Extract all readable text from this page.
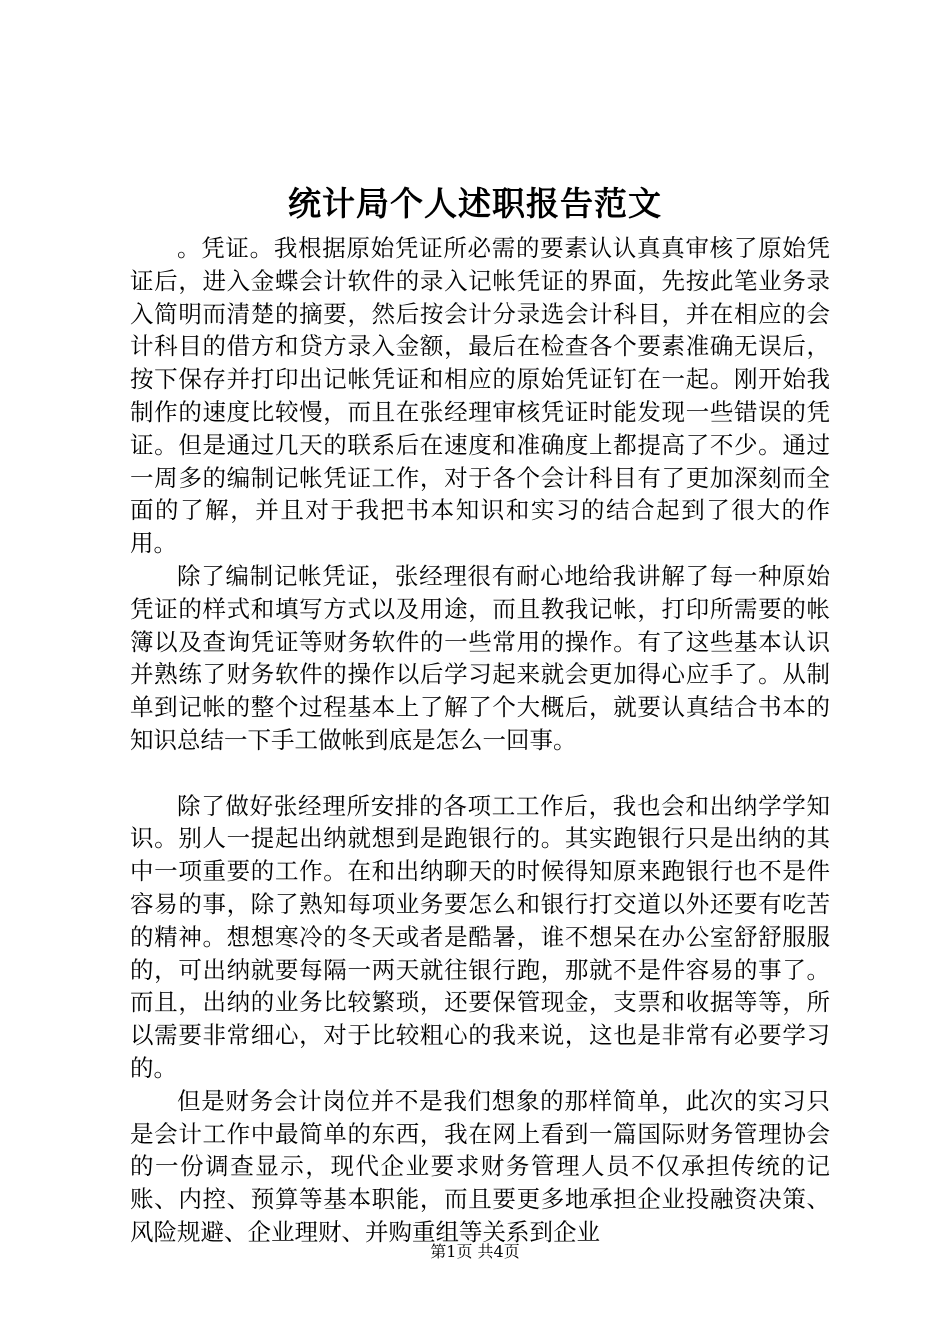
统计局个人述职报告范文

。凭证。我根据原始凭证所必需的要素认认真真审核了原始凭证后，进入金蝶会计软件的录入记帐凭证的界面，先按此笔业务录入简明而清楚的摘要，然后按会计分录选会计科目，并在相应的会计科目的借方和贷方录入金额，最后在检查各个要素准确无误后，按下保存并打印出记帐凭证和相应的原始凭证钉在一起。刚开始我制作的速度比较慢，而且在张经理审核凭证时能发现一些错误的凭证。但是通过几天的联系后在速度和准确度上都提高了不少。通过一周多的编制记帐凭证工作，对于各个会计科目有了更加深刻而全面的了解，并且对于我把书本知识和实习的结合起到了很大的作用。

除了编制记帐凭证，张经理很有耐心地给我讲解了每一种原始凭证的样式和填写方式以及用途，而且教我记帐，打印所需要的帐簿以及查询凭证等财务软件的一些常用的操作。有了这些基本认识并熟练了财务软件的操作以后学习起来就会更加得心应手了。从制单到记帐的整个过程基本上了解了个大概后，就要认真结合书本的知识总结一下手工做帐到底是怎么一回事。

除了做好张经理所安排的各项工工作后，我也会和出纳学学知识。别人一提起出纳就想到是跑银行的。其实跑银行只是出纳的其中一项重要的工作。在和出纳聊天的时候得知原来跑银行也不是件容易的事，除了熟知每项业务要怎么和银行打交道以外还要有吃苦的精神。想想寒冷的冬天或者是酷暑，谁不想呆在办公室舒舒服服的，可出纳就要每隔一两天就往银行跑，那就不是件容易的事了。而且，出纳的业务比较繁琐，还要保管现金，支票和收据等等，所以需要非常细心，对于比较粗心的我来说，这也是非常有必要学习的。

但是财务会计岗位并不是我们想象的那样简单，此次的实习只是会计工作中最简单的东西，我在网上看到一篇国际财务管理协会的一份调查显示，现代企业要求财务管理人员不仅承担传统的记账、内控、预算等基本职能，而且要更多地承担企业投融资决策、风险规避、企业理财、并购重组等关系到企业

第1页 共4页
